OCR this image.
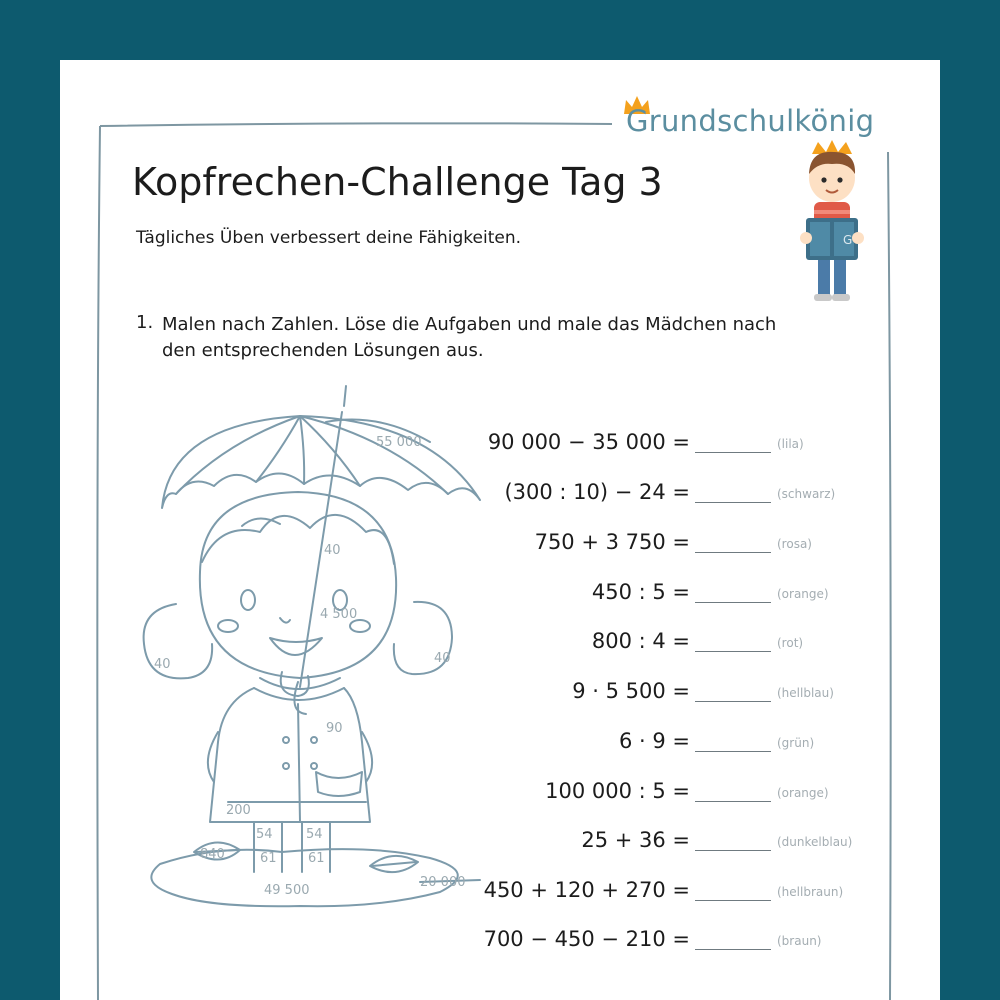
Grundschulkönig
G
Kopfrechen-Challenge Tag 3
Tägliches Üben verbessert deine Fähigkeiten.
1. Malen nach Zahlen. Löse die Aufgaben und male das Mädchen nach den entsprechenden Lösungen aus.
55 000
40
4 500
40	40
90
200
54	54
840	61 61
49 500
20 000
90 000 − 35 000 =	(lila)
(300 : 10) − 24 =	(schwarz)
750 + 3 750 =	(rosa)
450 : 5 =	(orange)
800 : 4 =	(rot)
9 · 5 500 =	(hellblau)
6 · 9 =	(grün)
100 000 : 5 =	(orange)
25 + 36 =	(dunkelblau)
450 + 120 + 270 =	(hellbraun)
700 − 450 − 210 =	(braun)
